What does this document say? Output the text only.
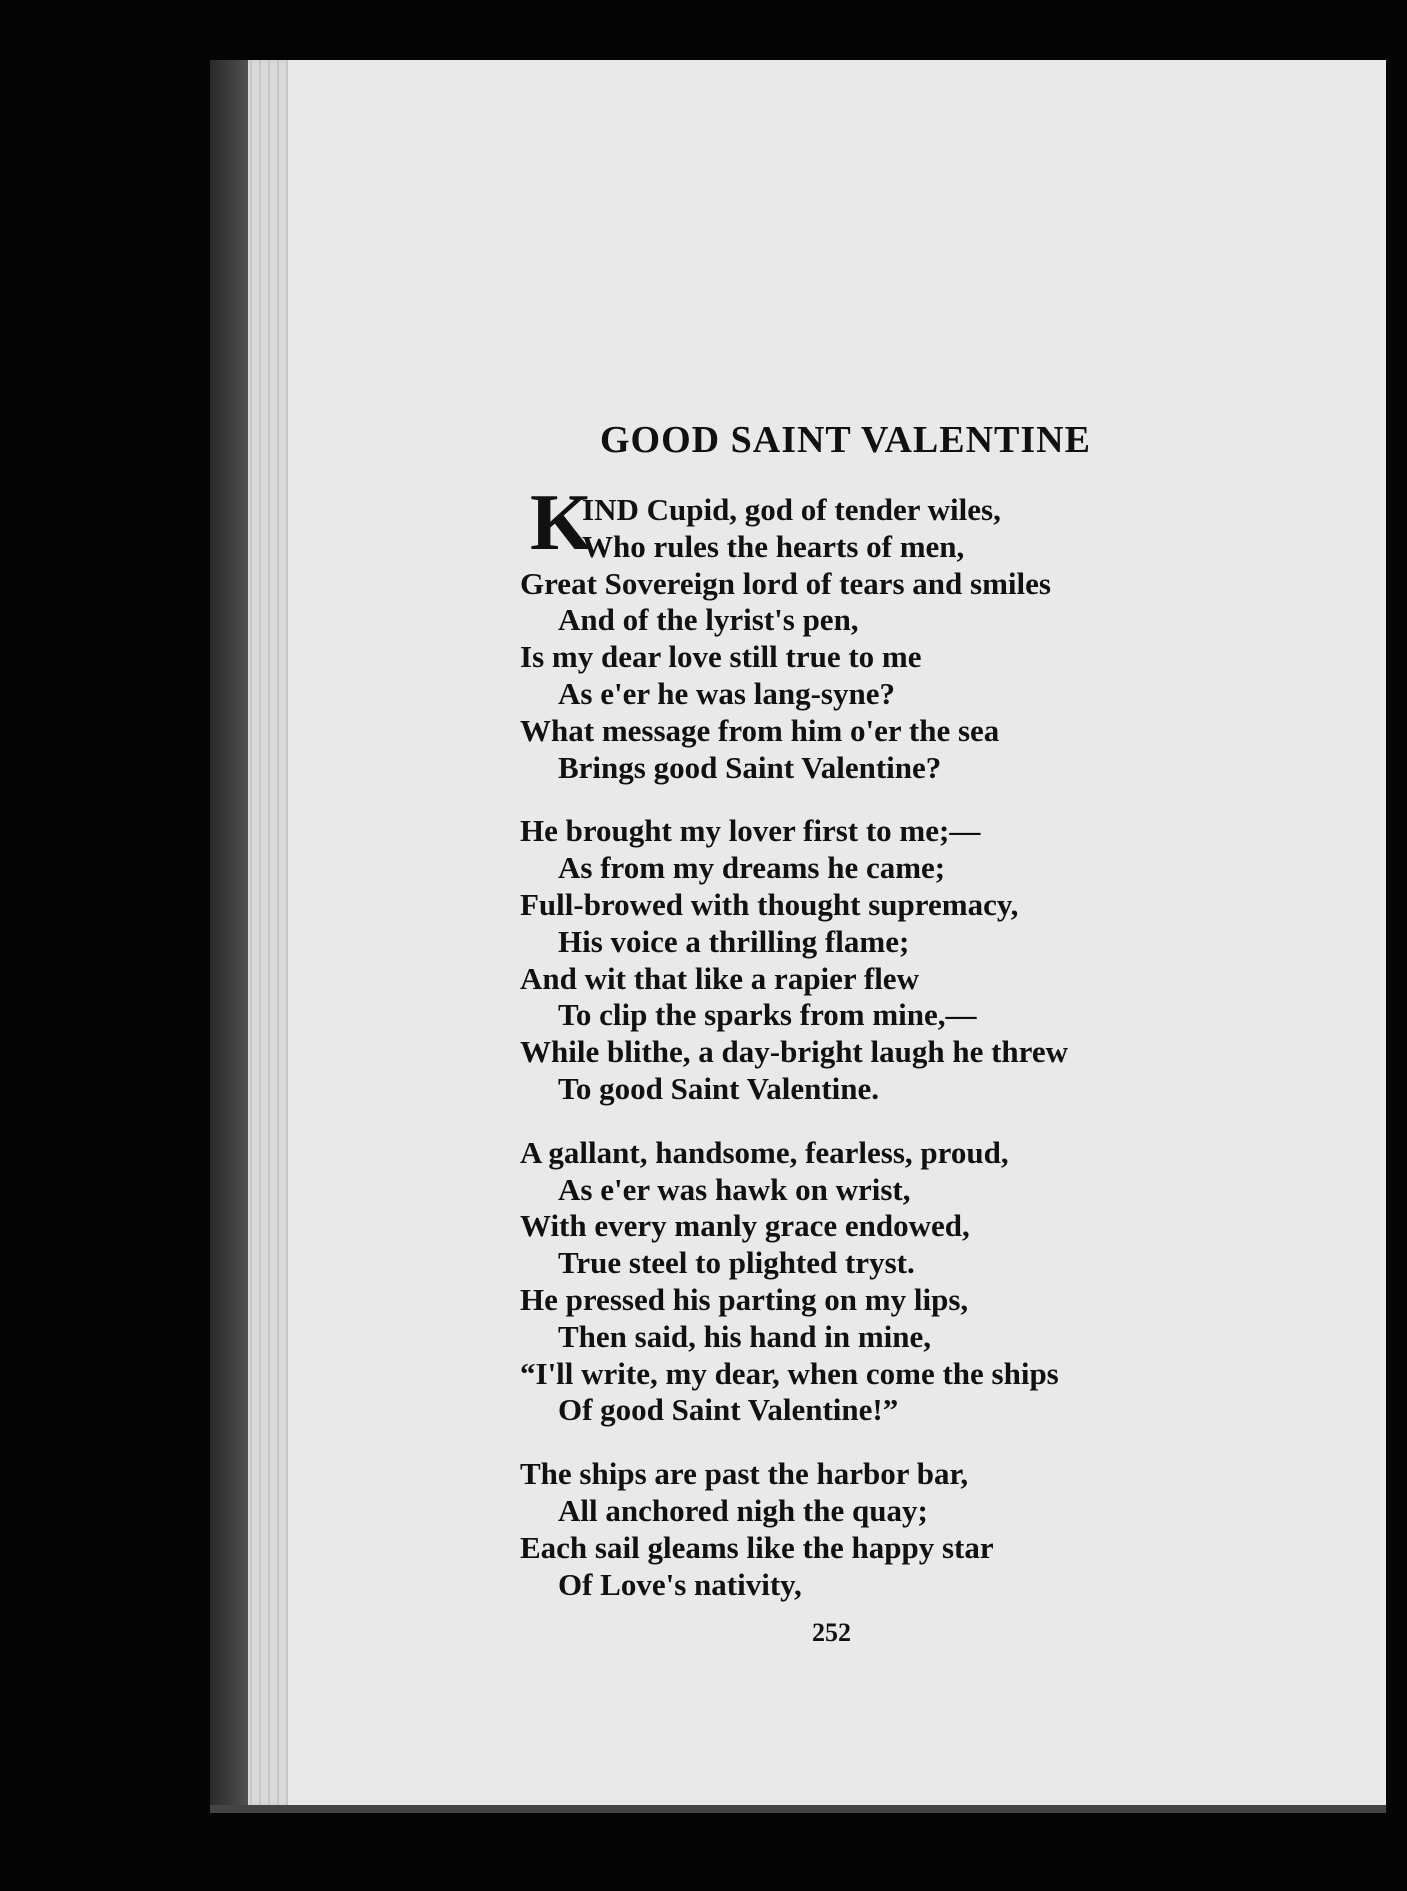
GOOD SAINT VALENTINE
K
IND Cupid, god of tender wiles,
Who rules the hearts of men,
Great Sovereign lord of tears and smiles
And of the lyrist's pen,
Is my dear love still true to me
As e'er he was lang-syne?
What message from him o'er the sea
Brings good Saint Valentine?
He brought my lover first to me;—
As from my dreams he came;
Full-browed with thought supremacy,
His voice a thrilling flame;
And wit that like a rapier flew
To clip the sparks from mine,—
While blithe, a day-bright laugh he threw
To good Saint Valentine.
A gallant, handsome, fearless, proud,
As e'er was hawk on wrist,
With every manly grace endowed,
True steel to plighted tryst.
He pressed his parting on my lips,
Then said, his hand in mine,
“I'll write, my dear, when come the ships
Of good Saint Valentine!”
The ships are past the harbor bar,
All anchored nigh the quay;
Each sail gleams like the happy star
Of Love's nativity,
252
